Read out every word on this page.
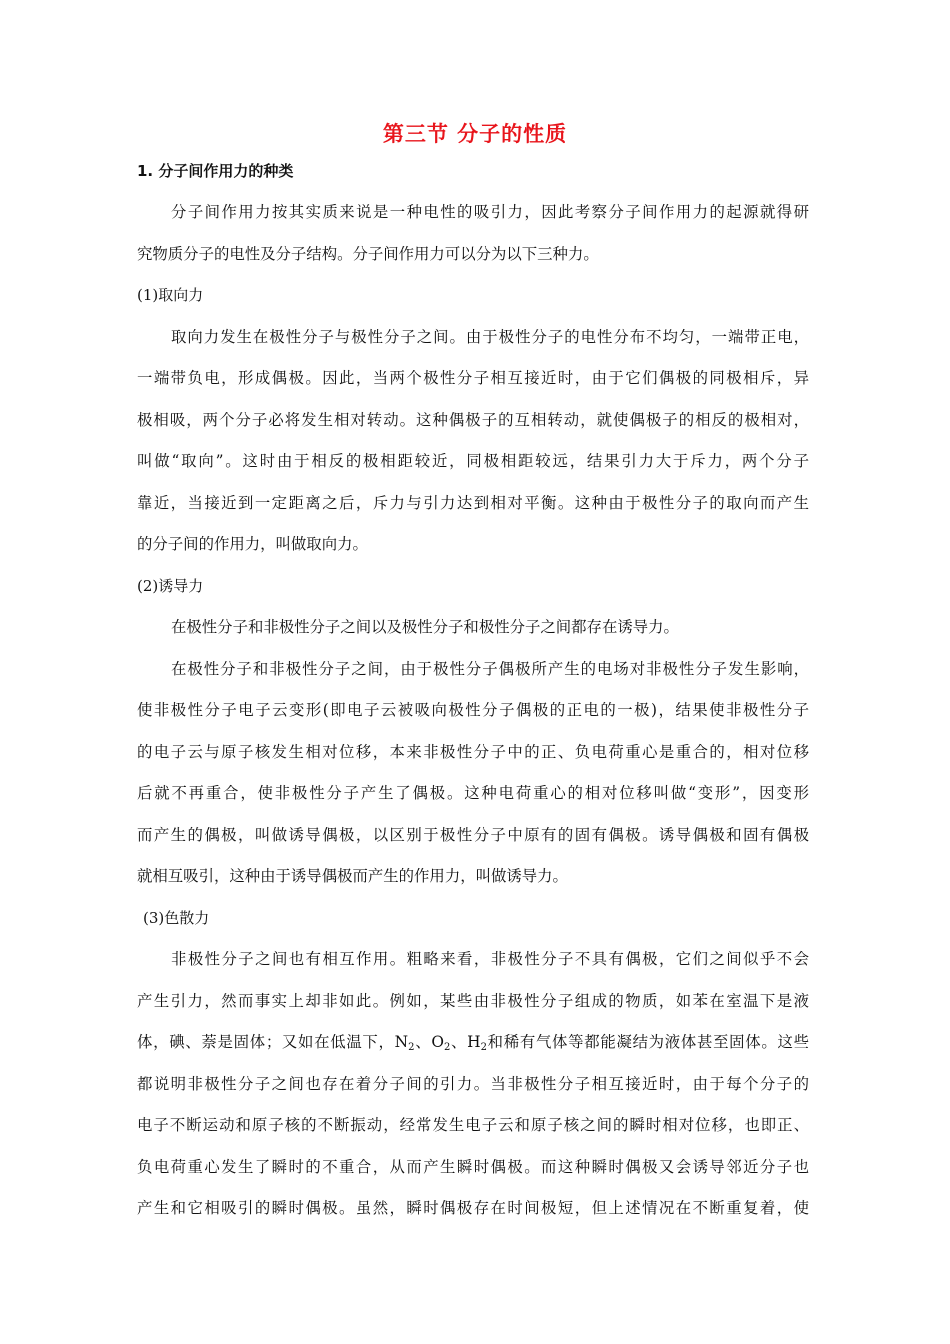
第三节 分子的性质
1. 分子间作用力的种类
分子间作用力按其实质来说是一种电性的吸引力，因此考察分子间作用力的起源就得研
究物质分子的电性及分子结构。分子间作用力可以分为以下三种力。
(1)取向力
取向力发生在极性分子与极性分子之间。由于极性分子的电性分布不均匀，一端带正电，
一端带负电，形成偶极。因此，当两个极性分子相互接近时，由于它们偶极的同极相斥，异
极相吸，两个分子必将发生相对转动。这种偶极子的互相转动，就使偶极子的相反的极相对，
叫做“取向”。这时由于相反的极相距较近，同极相距较远，结果引力大于斥力，两个分子
靠近，当接近到一定距离之后，斥力与引力达到相对平衡。这种由于极性分子的取向而产生
的分子间的作用力，叫做取向力。
(2)诱导力
在极性分子和非极性分子之间以及极性分子和极性分子之间都存在诱导力。
在极性分子和非极性分子之间，由于极性分子偶极所产生的电场对非极性分子发生影响，
使非极性分子电子云变形(即电子云被吸向极性分子偶极的正电的一极)，结果使非极性分子
的电子云与原子核发生相对位移，本来非极性分子中的正、负电荷重心是重合的，相对位移
后就不再重合，使非极性分子产生了偶极。这种电荷重心的相对位移叫做“变形”，因变形
而产生的偶极，叫做诱导偶极，以区别于极性分子中原有的固有偶极。诱导偶极和固有偶极
就相互吸引，这种由于诱导偶极而产生的作用力，叫做诱导力。
(3)色散力
非极性分子之间也有相互作用。粗略来看，非极性分子不具有偶极，它们之间似乎不会
产生引力，然而事实上却非如此。例如，某些由非极性分子组成的物质，如苯在室温下是液
体，碘、萘是固体；又如在低温下，$N_2$、$O_2$、$H_2$和稀有气体等都能凝结为液体甚至固体。这些
都说明非极性分子之间也存在着分子间的引力。当非极性分子相互接近时，由于每个分子的
电子不断运动和原子核的不断振动，经常发生电子云和原子核之间的瞬时相对位移，也即正、
负电荷重心发生了瞬时的不重合，从而产生瞬时偶极。而这种瞬时偶极又会诱导邻近分子也
产生和它相吸引的瞬时偶极。虽然，瞬时偶极存在时间极短，但上述情况在不断重复着，使
